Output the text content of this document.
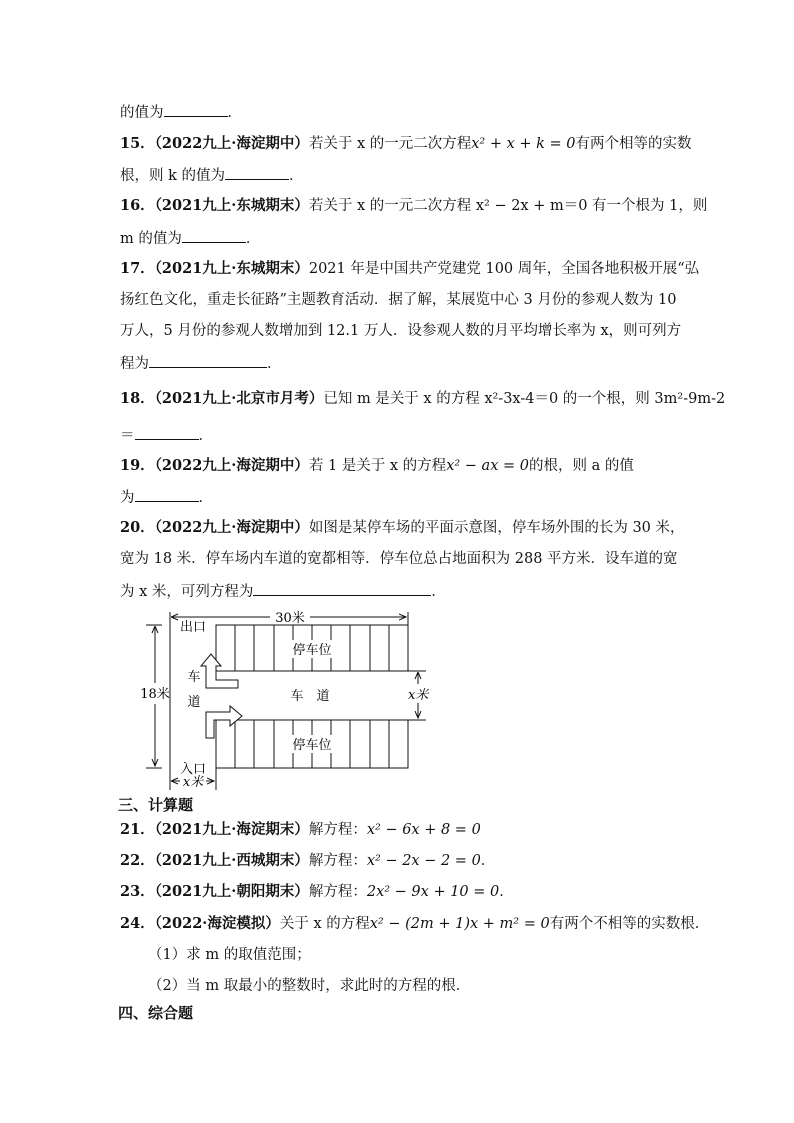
的值为	．
15．（2022九上·海淀期中）若关于 x 的一元二次方程x² + x + k = 0有两个相等的实数
根，则 k 的值为	．
16．（2021九上·东城期末）若关于 x 的一元二次方程 x² − 2x + m＝0 有一个根为 1，则
m 的值为	．
17．（2021九上·东城期末）2021 年是中国共产党建党 100 周年，全国各地积极开展“弘
扬红色文化，重走长征路”主题教育活动．据了解，某展览中心 3 月份的参观人数为 10
万人，5 月份的参观人数增加到 12.1 万人．设参观人数的月平均增长率为 x，则可列方
程为	．
18．（2021九上·北京市月考）已知 m 是关于 x 的方程 x²-3x-4＝0 的一个根，则 3m²-9m-2
＝	．
19．（2022九上·海淀期中）若 1 是关于 x 的方程x² − ax = 0的根，则 a 的值
为	．
20．（2022九上·海淀期中）如图是某停车场的平面示意图，停车场外围的长为 30 米，
宽为 18 米．停车场内车道的宽都相等．停车位总占地面积为 288 平方米．设车道的宽
为 x 米，可列方程为	．
30米
18米
出口
入口
停车位
停车位
车
道	车　道	x米
x米
三、计算题
21．（2021九上·海淀期末）解方程：x² − 6x + 8 = 0
22．（2021九上·西城期末）解方程：x² − 2x − 2 = 0．
23．（2021九上·朝阳期末）解方程：2x² − 9x + 10 = 0．
24．（2022·海淀模拟）关于 x 的方程x² − (2m + 1)x + m² = 0有两个不相等的实数根．
（1）求 m 的取值范围；
（2）当 m 取最小的整数时，求此时的方程的根．
四、综合题
